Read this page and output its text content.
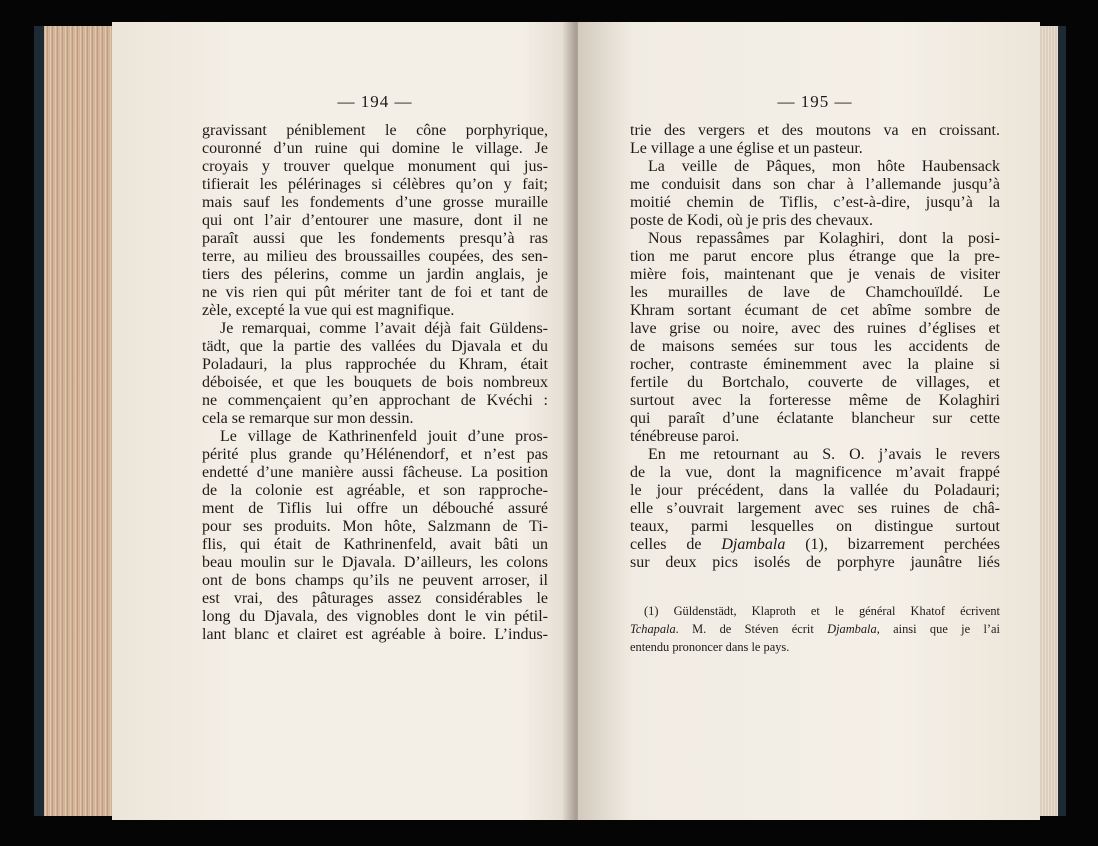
— 194 —
gravissant péniblement le cône porphyrique,
couronné d’un ruine qui domine le village. Je
croyais y trouver quelque monument qui jus-
tifierait les pélérinages si célèbres qu’on y fait;
mais sauf les fondements d’une grosse muraille
qui ont l’air d’entourer une masure, dont il ne
paraît aussi que les fondements presqu’à ras
terre, au milieu des broussailles coupées, des sen-
tiers des pélerins, comme un jardin anglais, je
ne vis rien qui pût mériter tant de foi et tant de
zèle, excepté la vue qui est magnifique.
Je remarquai, comme l’avait déjà fait Güldens-
tädt, que la partie des vallées du Djavala et du
Poladauri, la plus rapprochée du Khram, était
déboisée, et que les bouquets de bois nombreux
ne commençaient qu’en approchant de Kvéchi :
cela se remarque sur mon dessin.
Le village de Kathrinenfeld jouit d’une pros-
périté plus grande qu’Hélénendorf, et n’est pas
endetté d’une manière aussi fâcheuse. La position
de la colonie est agréable, et son rapproche-
ment de Tiflis lui offre un débouché assuré
pour ses produits. Mon hôte, Salzmann de Ti-
flis, qui était de Kathrinenfeld, avait bâti un
beau moulin sur le Djavala. D’ailleurs, les colons
ont de bons champs qu’ils ne peuvent arroser, il
est vrai, des pâturages assez considérables le
long du Djavala, des vignobles dont le vin pétil-
lant blanc et clairet est agréable à boire. L’indus-
— 195 —
trie des vergers et des moutons va en croissant.
Le village a une église et un pasteur.
La veille de Pâques, mon hôte Haubensack
me conduisit dans son char à l’allemande jusqu’à
moitié chemin de Tiflis, c’est-à-dire, jusqu’à la
poste de Kodi, où je pris des chevaux.
Nous repassâmes par Kolaghiri, dont la posi-
tion me parut encore plus étrange que la pre-
mière fois, maintenant que je venais de visiter
les murailles de lave de Chamchouïldé. Le
Khram sortant écumant de cet abîme sombre de
lave grise ou noire, avec des ruines d’églises et
de maisons semées sur tous les accidents de
rocher, contraste éminemment avec la plaine si
fertile du Bortchalo, couverte de villages, et
surtout avec la forteresse même de Kolaghiri
qui paraît d’une éclatante blancheur sur cette
ténébreuse paroi.
En me retournant au S. O. j’avais le revers
de la vue, dont la magnificence m’avait frappé
le jour précédent, dans la vallée du Poladauri;
elle s’ouvrait largement avec ses ruines de châ-
teaux, parmi lesquelles on distingue surtout
celles de Djambala (1), bizarrement perchées
sur deux pics isolés de porphyre jaunâtre liés
(1) Güldenstädt, Klaproth et le général Khatof écrivent
Tchapala. M. de Stéven écrit Djambala, ainsi que je l’ai
entendu prononcer dans le pays.
